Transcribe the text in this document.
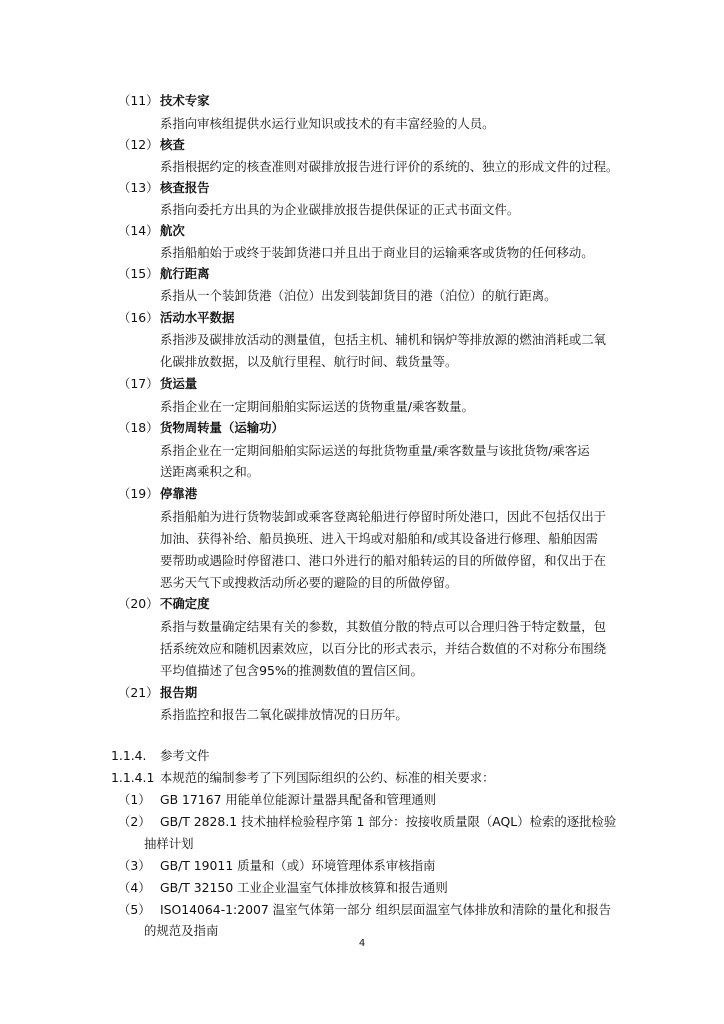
（11） 技术专家
系指向审核组提供水运行业知识或技术的有丰富经验的人员。
（12） 核查
系指根据约定的核查准则对碳排放报告进行评价的系统的、独立的形成文件的过程。
（13） 核查报告
系指向委托方出具的为企业碳排放报告提供保证的正式书面文件。
（14） 航次
系指船舶始于或终于装卸货港口并且出于商业目的运输乘客或货物的任何移动。
（15） 航行距离
系指从一个装卸货港（泊位）出发到装卸货目的港（泊位）的航行距离。
（16） 活动水平数据
系指涉及碳排放活动的测量值，包括主机、辅机和锅炉等排放源的燃油消耗或二氧
化碳排放数据，以及航行里程、航行时间、载货量等。
（17） 货运量
系指企业在一定期间船舶实际运送的货物重量/乘客数量。
（18） 货物周转量（运输功）
系指企业在一定期间船舶实际运送的每批货物重量/乘客数量与该批货物/乘客运
送距离乘积之和。
（19） 停靠港
系指船舶为进行货物装卸或乘客登离轮船进行停留时所处港口，因此不包括仅出于
加油、获得补给、船员换班、进入干坞或对船舶和/或其设备进行修理、船舶因需
要帮助或遇险时停留港口、港口外进行的船对船转运的目的所做停留，和仅出于在
恶劣天气下或搜救活动所必要的避险的目的所做停留。
（20） 不确定度
系指与数量确定结果有关的参数，其数值分散的特点可以合理归咎于特定数量，包
括系统效应和随机因素效应，以百分比的形式表示，并结合数值的不对称分布围绕
平均值描述了包含95%的推测数值的置信区间。
（21） 报告期
系指监控和报告二氧化碳排放情况的日历年。
1.1.4. 参考文件
1.1.4.1 本规范的编制参考了下列国际组织的公约、标准的相关要求：
（1） GB 17167 用能单位能源计量器具配备和管理通则
（2） GB/T 2828.1 技术抽样检验程序第 1 部分：按接收质量限（AQL）检索的逐批检验
抽样计划
（3） GB/T 19011 质量和（或）环境管理体系审核指南
（4） GB/T 32150 工业企业温室气体排放核算和报告通则
（5） ISO14064-1:2007 温室气体第一部分 组织层面温室气体排放和清除的量化和报告
的规范及指南
4
